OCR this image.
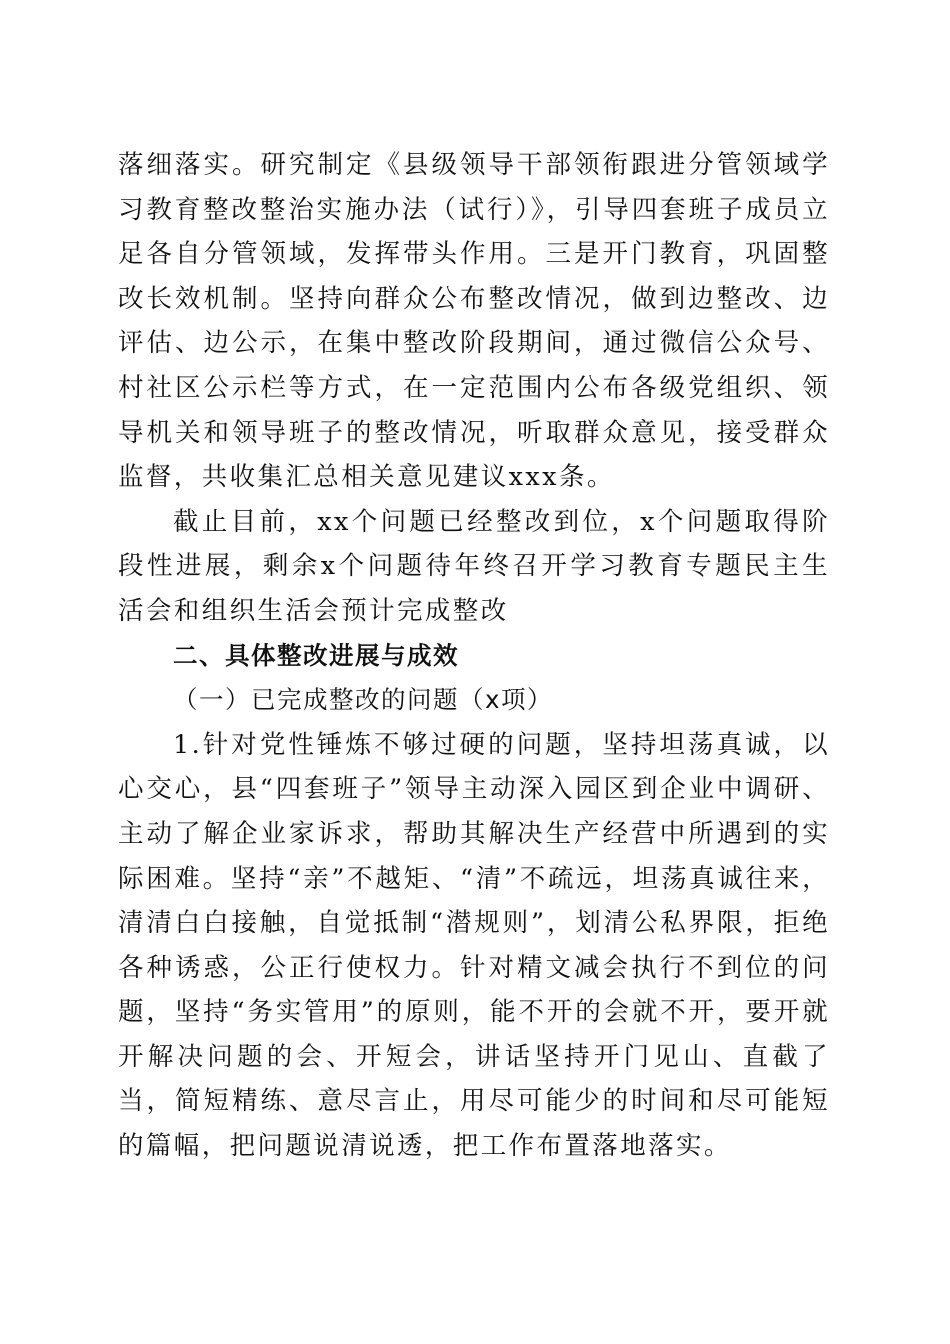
落细落实。研究制定《县级领导干部领衔跟进分管领域学习教育整改整治实施办法（试行）》，引导四套班子成员立足各自分管领域，发挥带头作用。三是开门教育，巩固整改长效机制。坚持向群众公布整改情况，做到边整改、边评估、边公示，在集中整改阶段期间，通过微信公众号、村社区公示栏等方式，在一定范围内公布各级党组织、领导机关和领导班子的整改情况，听取群众意见，接受群众监督，共收集汇总相关意见建议xxx条。

截止目前，xx个问题已经整改到位，x个问题取得阶段性进展，剩余x个问题待年终召开学习教育专题民主生活会和组织生活会预计完成整改

二、具体整改进展与成效

（一）已完成整改的问题（x项）

1.针对党性锤炼不够过硬的问题，坚持坦荡真诚，以心交心，县“四套班子”领导主动深入园区到企业中调研、主动了解企业家诉求，帮助其解决生产经营中所遇到的实际困难。坚持“亲”不越矩、“清”不疏远，坦荡真诚往来，清清白白接触，自觉抵制“潜规则”，划清公私界限，拒绝各种诱惑，公正行使权力。针对精文减会执行不到位的问题，坚持“务实管用”的原则，能不开的会就不开，要开就开解决问题的会、开短会，讲话坚持开门见山、直截了当，简短精练、意尽言止，用尽可能少的时间和尽可能短的篇幅，把问题说清说透，把工作布置落地落实。
